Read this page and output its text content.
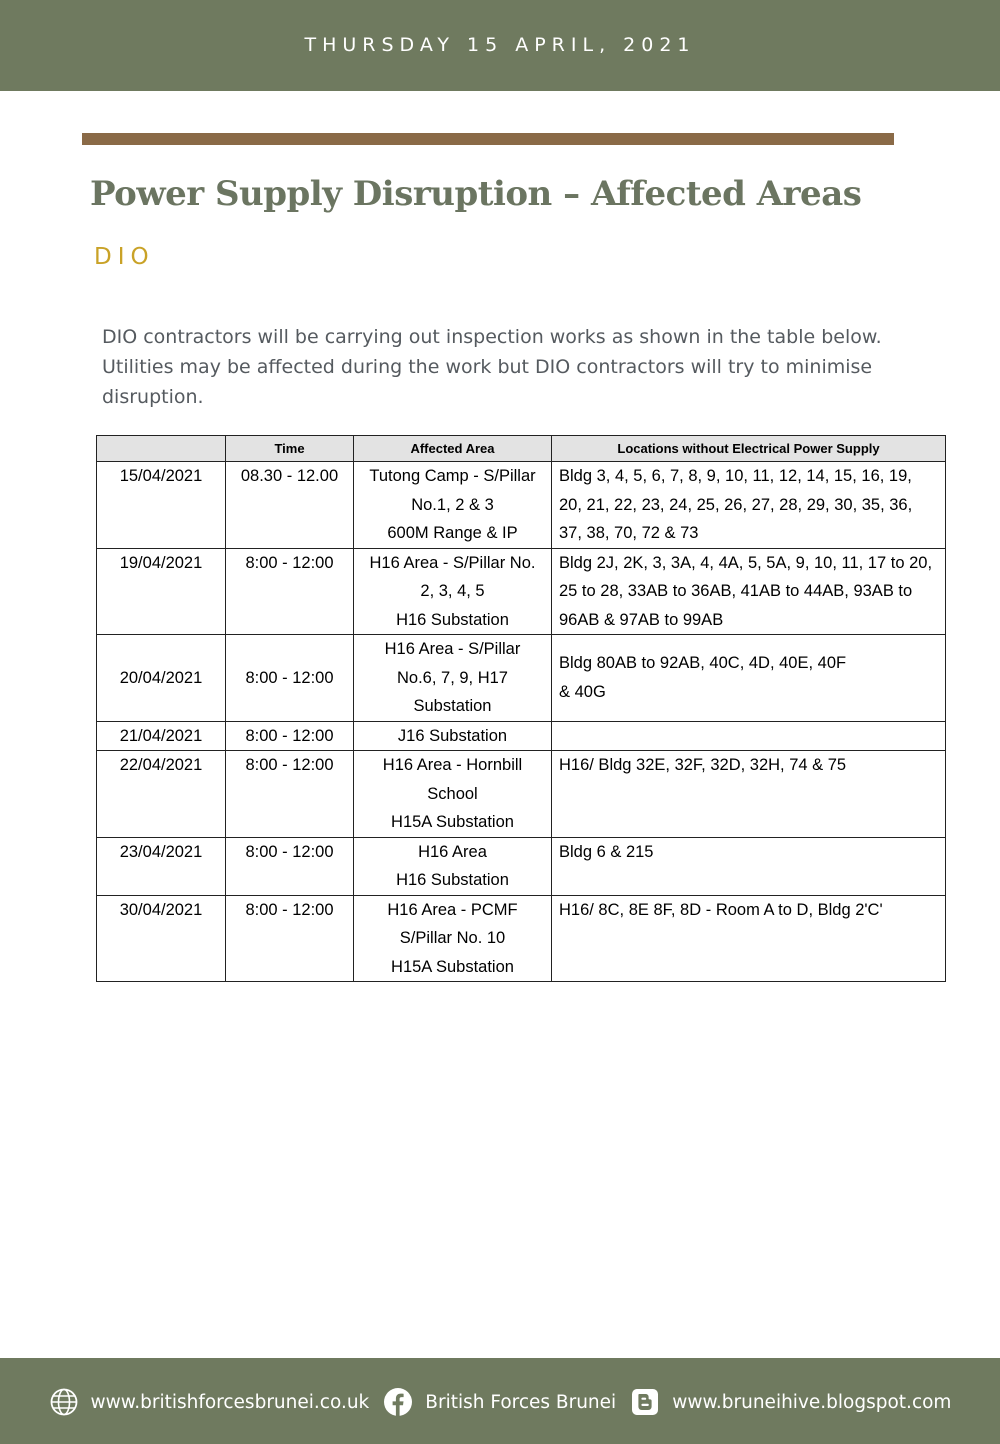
THURSDAY 15 APRIL, 2021
Power Supply Disruption – Affected Areas
DIO

DIO contractors will be carrying out inspection works as shown in the table below. Utilities may be affected during the work but DIO contractors will try to minimise disruption.

	Time	Affected Area	Locations without Electrical Power Supply
15/04/2021	08.30 - 12.00	Tutong Camp - S/Pillar
No.1, 2 & 3
600M Range & IP	Bldg 3, 4, 5, 6, 7, 8, 9, 10, 11, 12, 14, 15, 16, 19, 20, 21, 22, 23, 24, 25, 26, 27, 28, 29, 30, 35, 36, 37, 38, 70, 72 & 73
19/04/2021	8:00 - 12:00	H16 Area - S/Pillar No.
2, 3, 4, 5
H16 Substation	Bldg 2J, 2K, 3, 3A, 4, 4A, 5, 5A, 9, 10, 11, 17 to 20, 25 to 28, 33AB to 36AB, 41AB to 44AB, 93AB to 96AB & 97AB to 99AB
20/04/2021	8:00 - 12:00	H16 Area - S/Pillar
No.6, 7, 9, H17
Substation	Bldg 80AB to 92AB, 40C, 4D, 40E, 40F & 40G

21/04/2021	8:00 - 12:00	J16 Substation	

22/04/2021	8:00 - 12:00	H16 Area - Hornbill
School
H15A Substation	H16/ Bldg 32E, 32F, 32D, 32H, 74 & 75
23/04/2021	8:00 - 12:00	H16 Area
H16 Substation	Bldg 6 & 215
30/04/2021	8:00 - 12:00	H16 Area - PCMF
S/Pillar No. 10
H15A Substation	H16/ 8C, 8E 8F, 8D - Room A to D, Bldg 2'C'
www.britishforcesbrunei.co.uk	British Forces Brunei	www.bruneihive.blogspot.com
